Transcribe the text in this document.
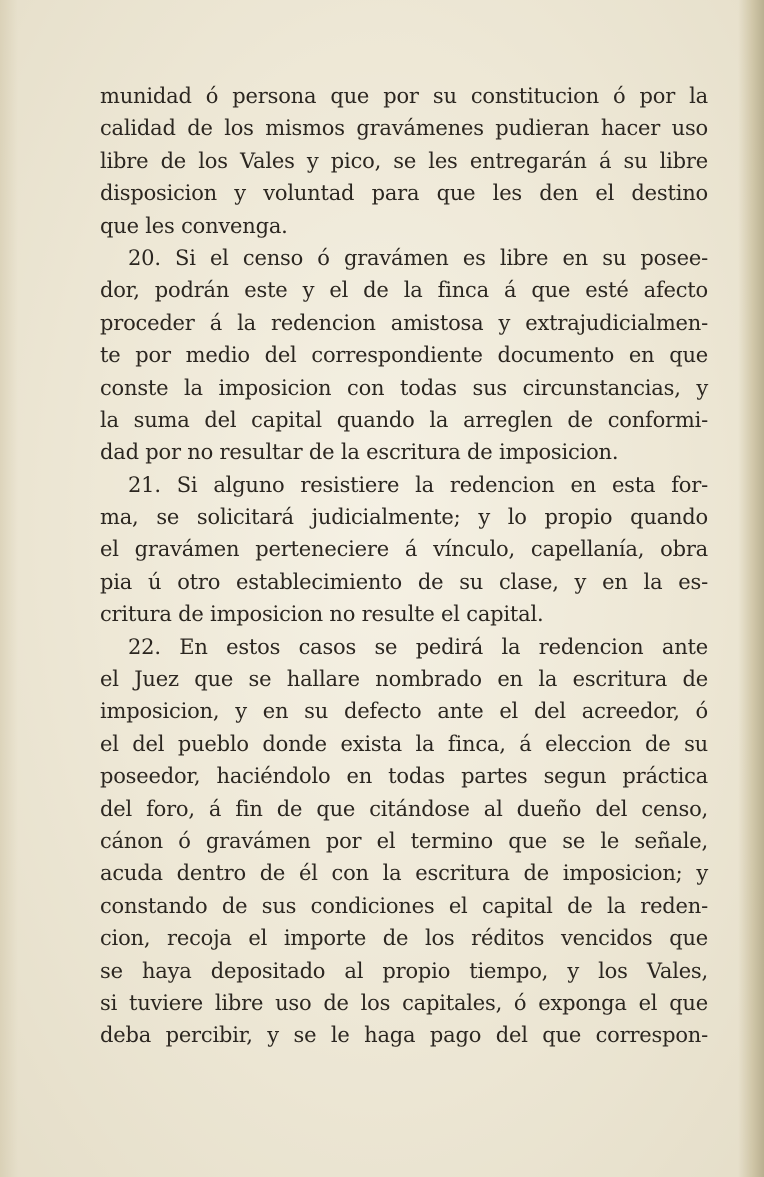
munidad ó persona que por su constitucion ó por la
calidad de los mismos gravámenes pudieran hacer uso
libre de los Vales y pico, se les entregarán á su libre
disposicion y voluntad para que les den el destino
que les convenga.
20. Si el censo ó gravámen es libre en su posee-
dor, podrán este y el de la finca á que esté afecto
proceder á la redencion amistosa y extrajudicialmen-
te por medio del correspondiente documento en que
conste la imposicion con todas sus circunstancias, y
la suma del capital quando la arreglen de conformi-
dad por no resultar de la escritura de imposicion.
21. Si alguno resistiere la redencion en esta for-
ma, se solicitará judicialmente; y lo propio quando
el gravámen perteneciere á vínculo, capellanía, obra
pia ú otro establecimiento de su clase, y en la es-
critura de imposicion no resulte el capital.
22. En estos casos se pedirá la redencion ante
el Juez que se hallare nombrado en la escritura de
imposicion, y en su defecto ante el del acreedor, ó
el del pueblo donde exista la finca, á eleccion de su
poseedor, haciéndolo en todas partes segun práctica
del foro, á fin de que citándose al dueño del censo,
cánon ó gravámen por el termino que se le señale,
acuda dentro de él con la escritura de imposicion; y
constando de sus condiciones el capital de la reden-
cion, recoja el importe de los réditos vencidos que
se haya depositado al propio tiempo, y los Vales,
si tuviere libre uso de los capitales, ó exponga el que
deba percibir, y se le haga pago del que correspon-
